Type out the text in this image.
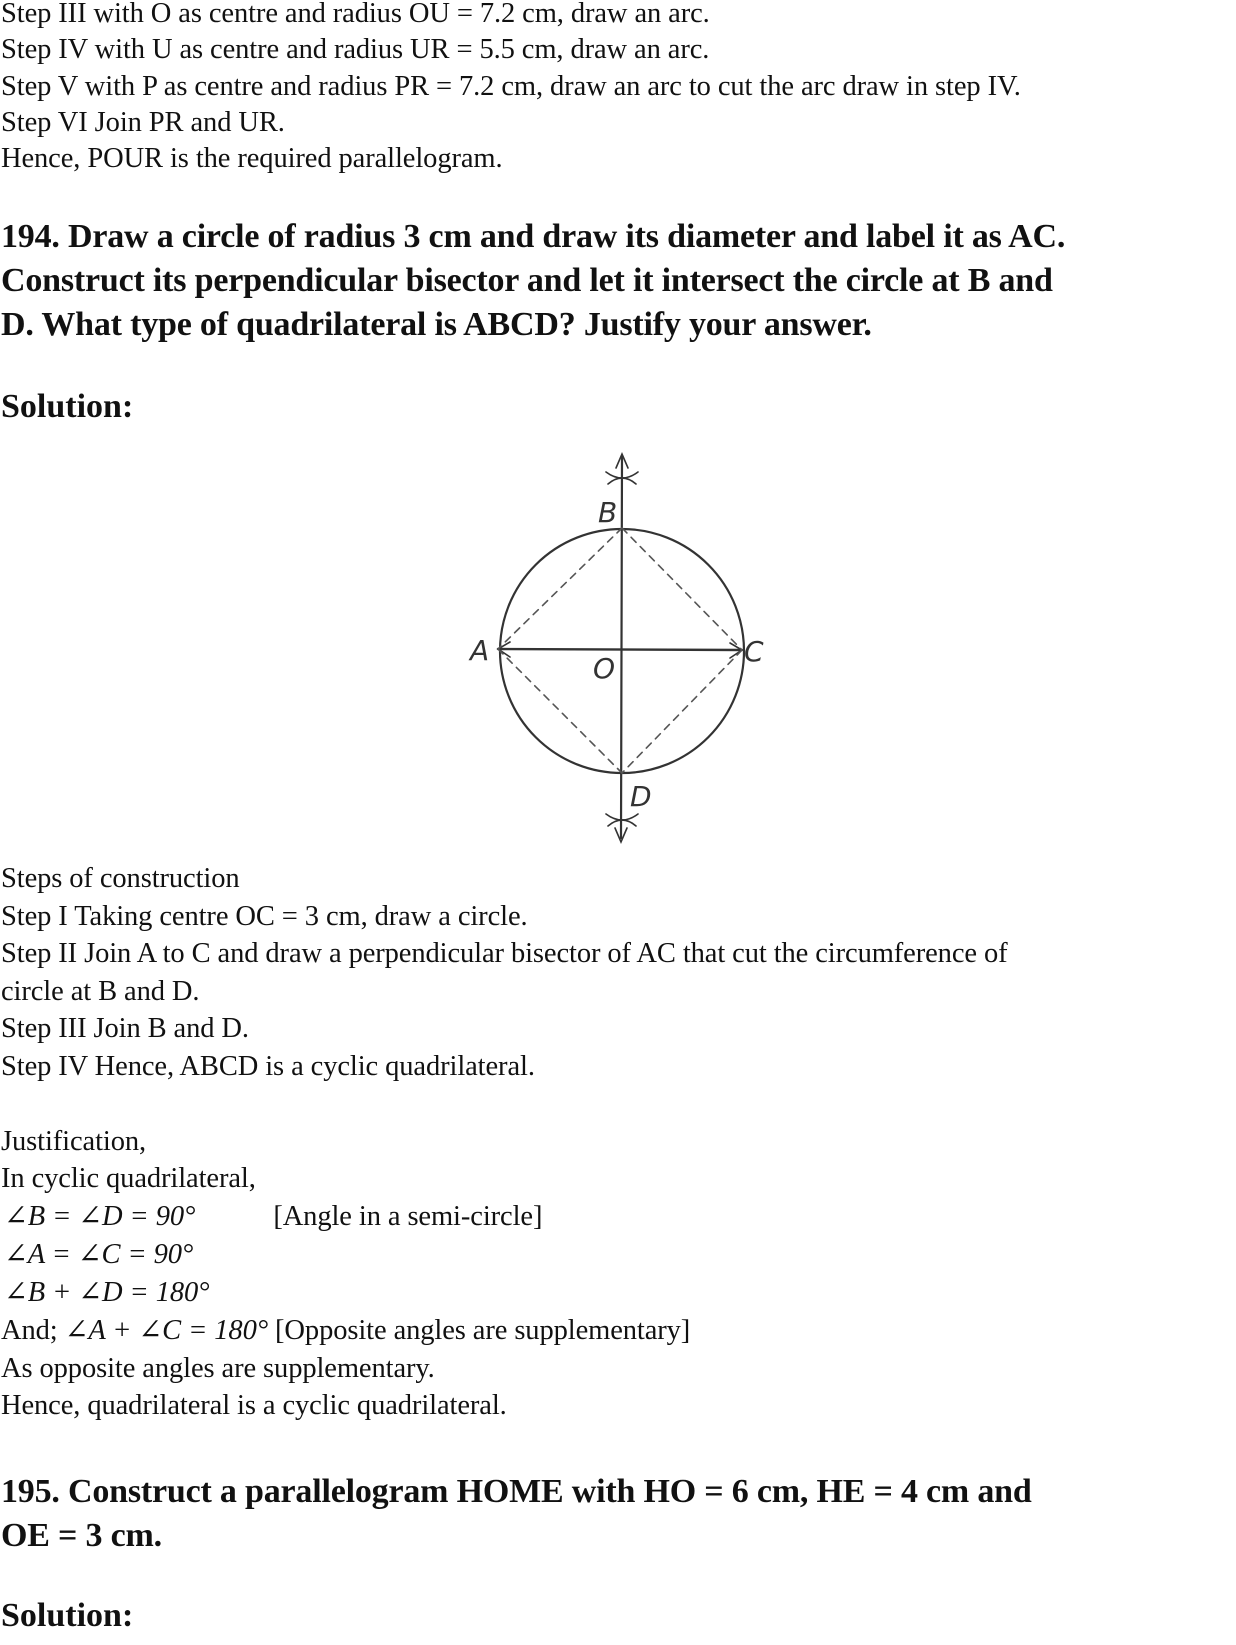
Step III with O as centre and radius OU = 7.2 cm, draw an arc.
Step IV with U as centre and radius UR = 5.5 cm, draw an arc.
Step V with P as centre and radius PR = 7.2 cm, draw an arc to cut the arc draw in step IV.
Step VI Join PR and UR.
Hence, POUR is the required parallelogram.
194. Draw a circle of radius 3 cm and draw its diameter and label it as AC.
Construct its perpendicular bisector and let it intersect the circle at B and
D. What type of quadrilateral is ABCD? Justify your answer.
Solution:
B
A	C
O
D
Steps of construction
Step I Taking centre OC = 3 cm, draw a circle.
Step II Join A to C and draw a perpendicular bisector of AC that cut the circumference of
circle at B and D.
Step III Join B and D.
Step IV Hence, ABCD is a cyclic quadrilateral.
Justification,
In cyclic quadrilateral,
∠B = ∠D = 90°	[Angle in a semi-circle]
∠A = ∠C = 90°
∠B + ∠D = 180°
And; ∠A + ∠C = 180° [Opposite angles are supplementary]
As opposite angles are supplementary.
Hence, quadrilateral is a cyclic quadrilateral.
195. Construct a parallelogram HOME with HO = 6 cm, HE = 4 cm and
OE = 3 cm.
Solution:
